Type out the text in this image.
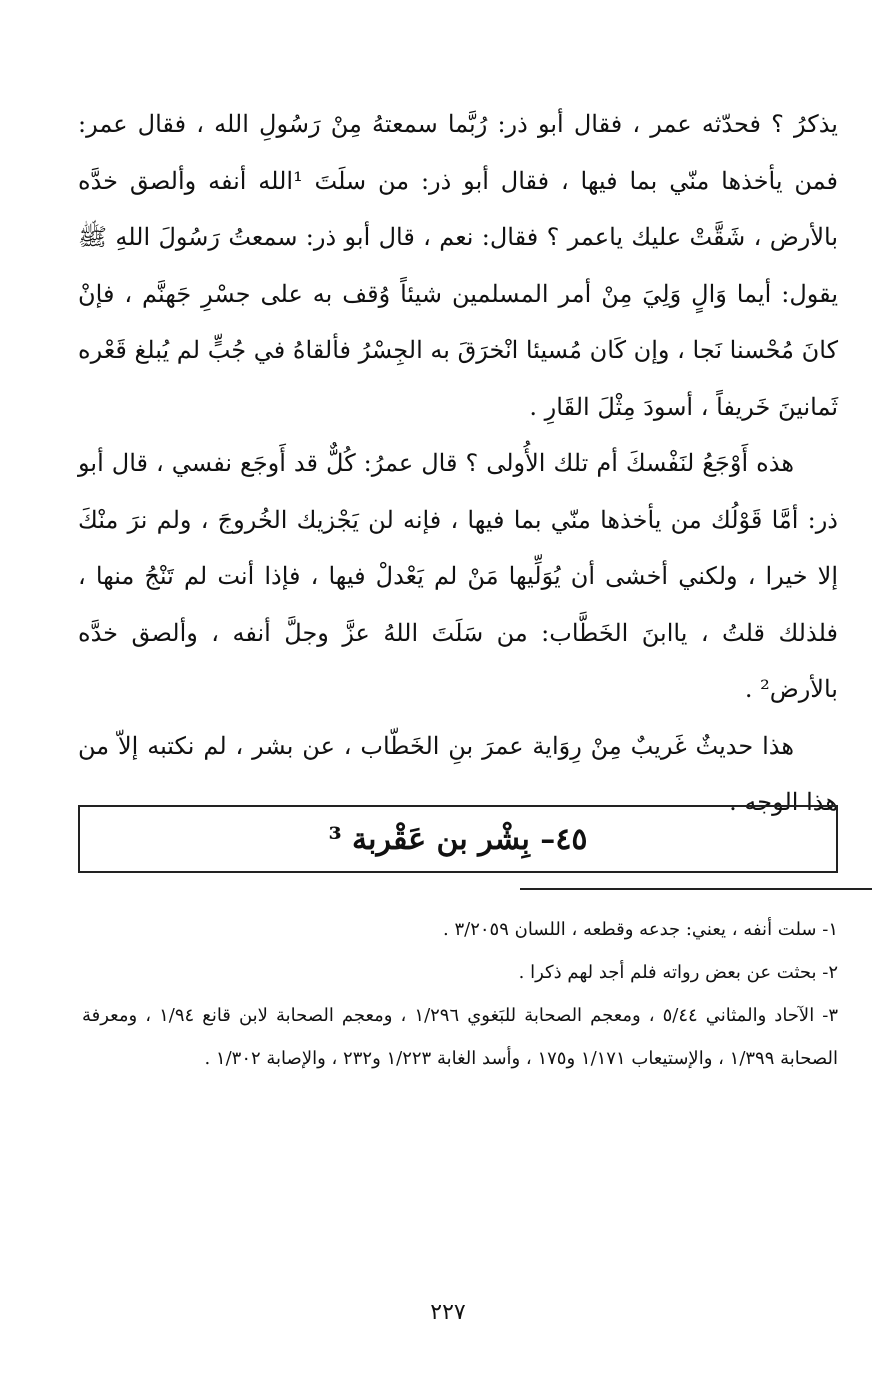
يذكرُ ؟ فحدّثه عمر ، فقال أبو ذر: رُبَّما سمعتهُ مِنْ رَسُولِ الله ، فقال عمر: فمن يأخذها منّي بما فيها ، فقال أبو ذر: من سلَتَ ¹الله أنفه وألصق خدَّه بالأرض ، شَقَّتْ عليك ياعمر ؟ فقال: نعم ، قال أبو ذر: سمعتُ رَسُولَ اللهِ ﷺ يقول: أيما وَالٍ وَلِيَ مِنْ أمر المسلمين شيئاً وُقف به على جسْرِ جَهنَّم ، فإنْ كانَ مُحْسنا نَجا ، وإن كَان مُسيئا انْخرَقَ به الجِسْرُ فألقاهُ في جُبٍّ لم يُبلغ قَعْره ثَمانينَ خَريفاً ، أسودَ مِثْلَ القَارِ .

هذه أَوْجَعُ لنَفْسكَ أم تلك الأُولى ؟ قال عمرُ: كُلٌّ قد أَوجَع نفسي ، قال أبو ذر: أمَّا قَوْلُك من يأخذها منّي بما فيها ، فإنه لن يَجْزيك الخُروجَ ، ولم نرَ منْكَ إلا خيرا ، ولكني أخشى أن يُوَلِّيها مَنْ لم يَعْدلْ فيها ، فإذا أنت لم تَنْجُ منها ، فلذلك قلتُ ، ياابنَ الخَطَّاب: من سَلَتَ اللهُ عزَّ وجلَّ أنفه ، وألصق خدَّه بالأرض² .

هذا حديثٌ غَريبٌ مِنْ رِوَاية عمرَ بنِ الخَطّاب ، عن بشر ، لم نكتبه إلاّ من هذا الوجه .

٤٥– بِشْر بن عَقْربة ³

١- سلت أنفه ، يعني: جدعه وقطعه ، اللسان ٣/٢٠٥٩ .

٢- بحثت عن بعض رواته فلم أجد لهم ذكرا .

٣- الآحاد والمثاني ٥/٤٤ ، ومعجم الصحابة للبَغوي ١/٢٩٦ ، ومعجم الصحابة لابن قانع ١/٩٤ ، ومعرفة الصحابة ١/٣٩٩ ، والإستيعاب ١/١٧١ و١٧٥ ، وأسد الغابة ١/٢٢٣ و٢٣٢ ، والإصابة ١/٣٠٢ .

٢٢٧
